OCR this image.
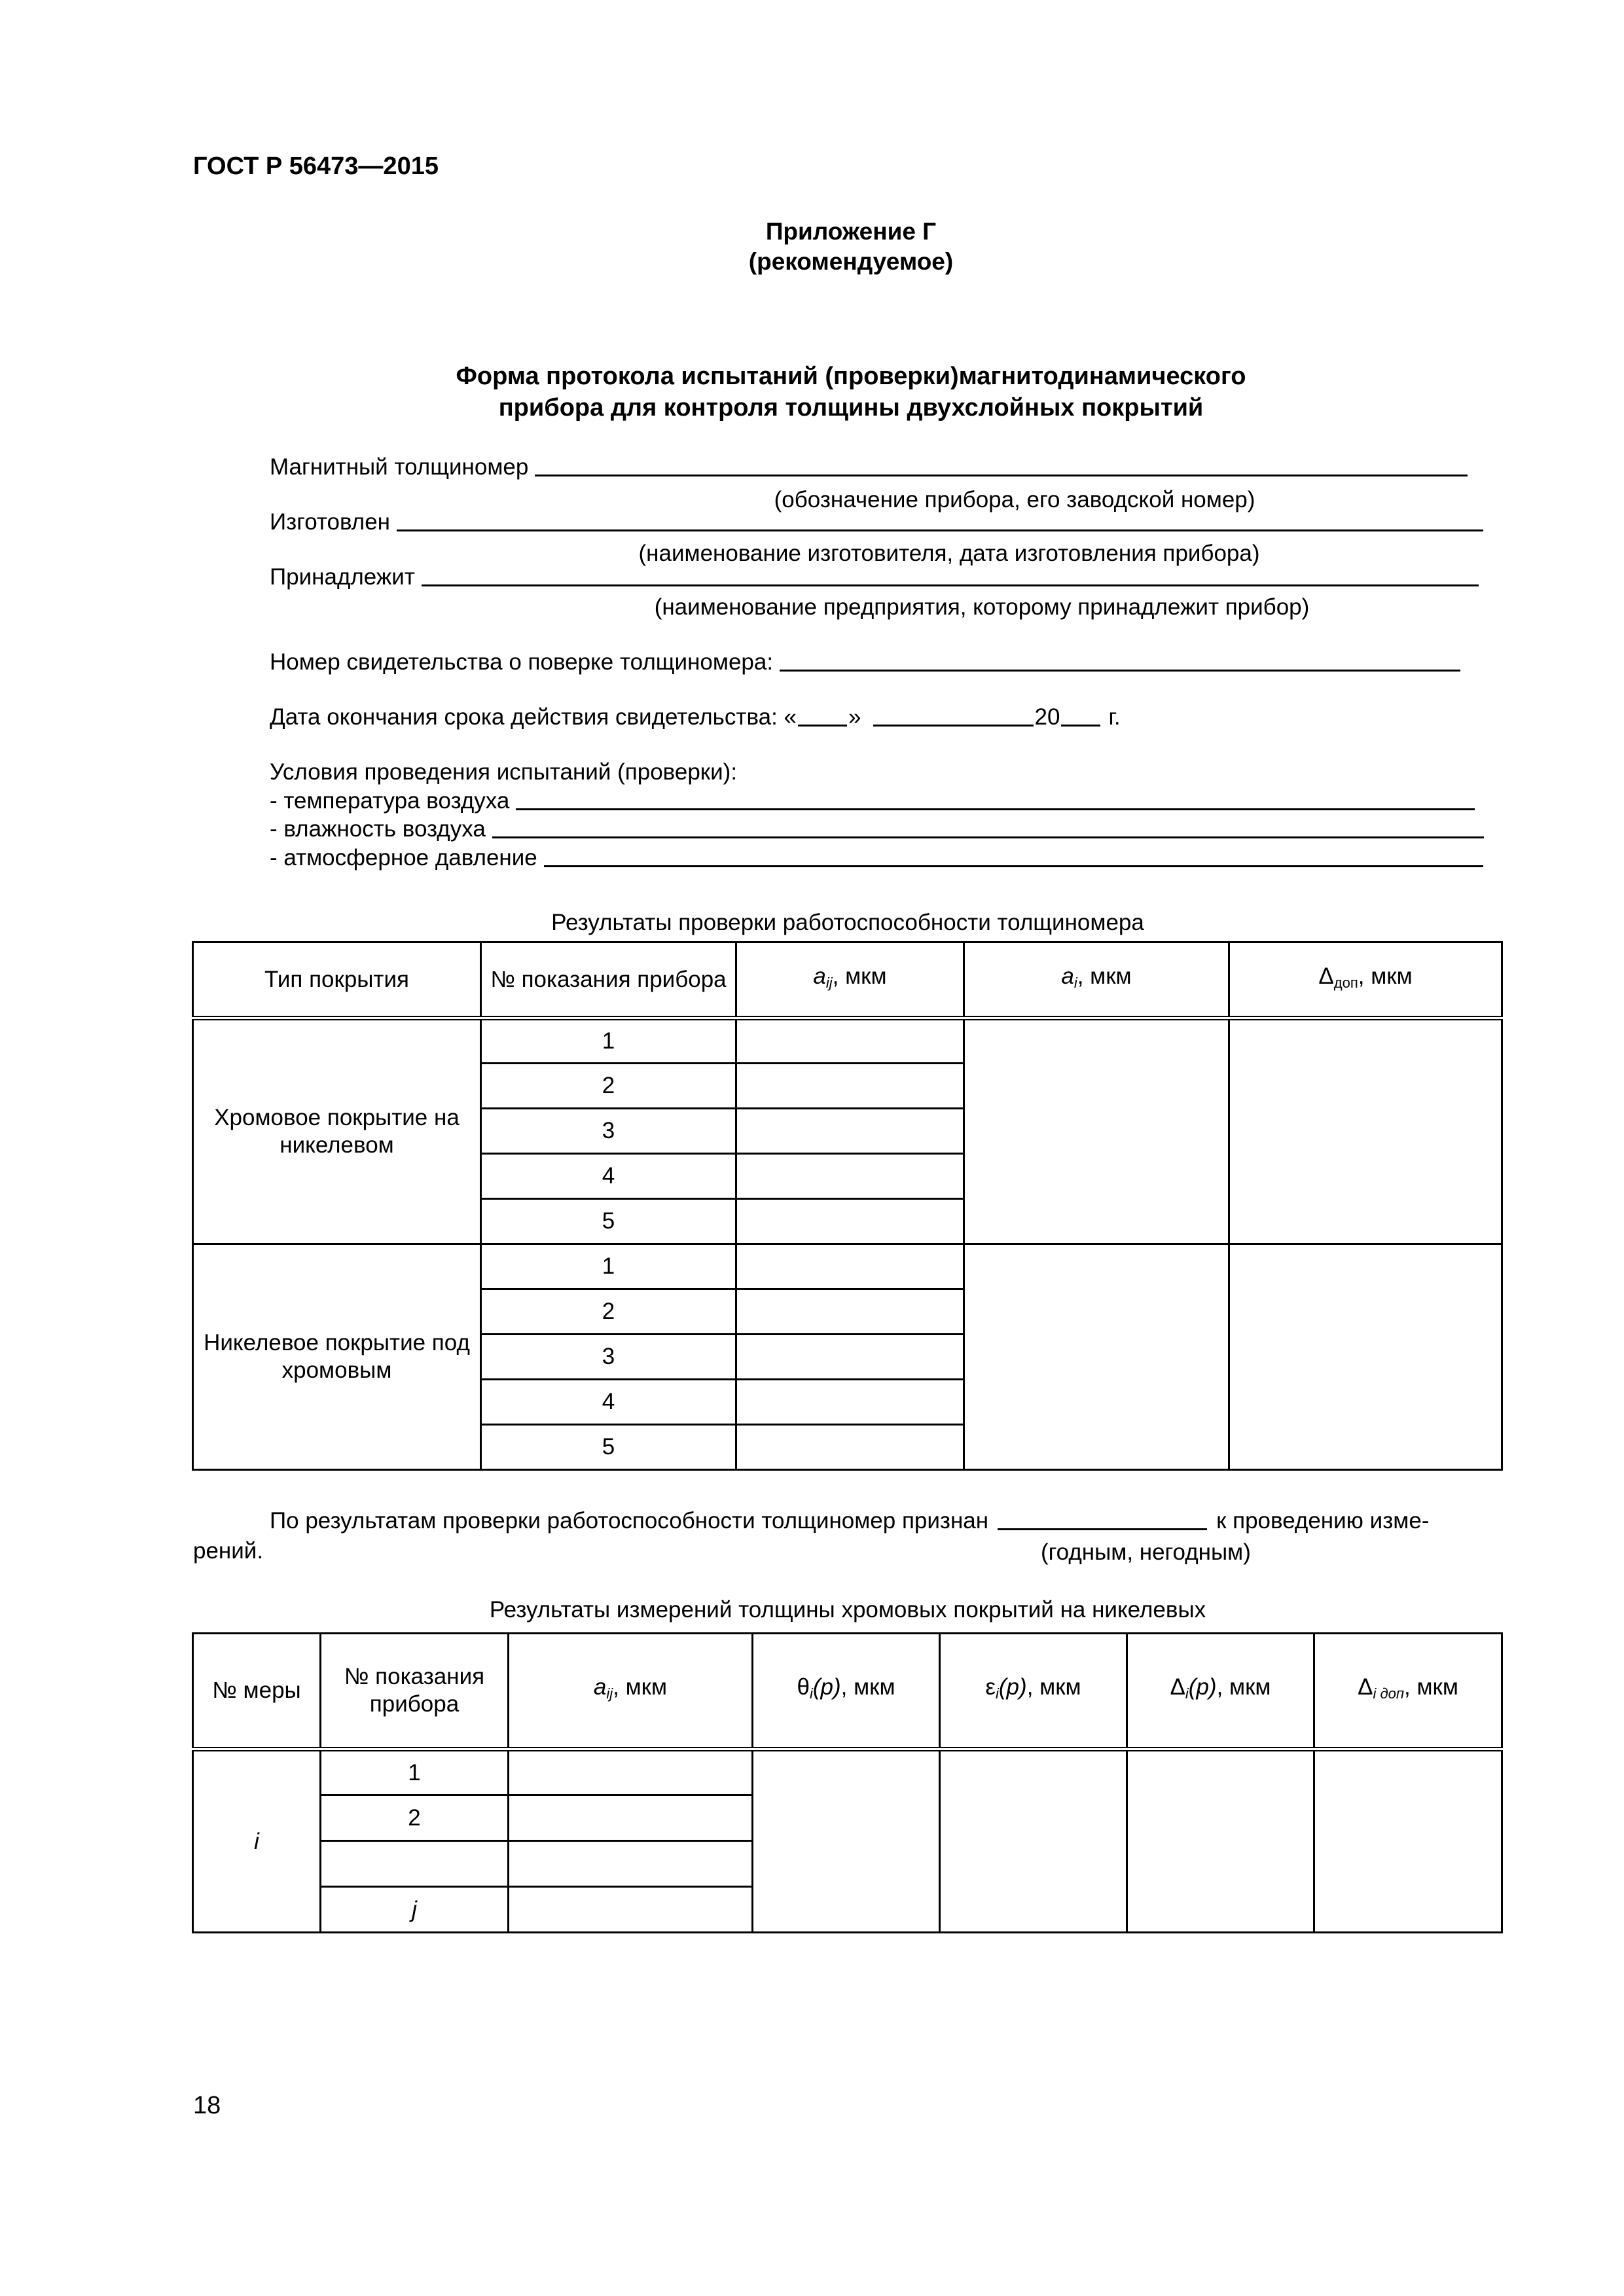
ГОСТ Р 56473—2015
Приложение Г
(рекомендуемое)
Форма протокола испытаний (проверки)магнитодинамического
прибора для контроля толщины двухслойных покрытий
Магнитный толщиномер
(обозначение прибора, его заводской номер)
Изготовлен
(наименование изготовителя, дата изготовления прибора)
Принадлежит
(наименование предприятия, которому принадлежит прибор)
Номер свидетельства о поверке толщиномера:
Дата окончания срока действия свидетельства: « »	20 г.
Условия проведения испытаний (проверки):
- температура воздуха
- влажность воздуха
- атмосферное давление
Результаты проверки работоспособности толщиномера
Тип покрытия	№ показания прибора	$a_{ij}$, мкм	$a_i$, мкм	$\Delta_{доп}$, мкм
Хромовое покрытие на никелевом	1			
	2			
	3			
	4			
	5			
Никелевое покрытие под хромовым	1			
	2			
	3			
	4			
	5			
По результатам проверки работоспособности толщиномер признан	к проведению изме-
рений.	(годным, негодным)
Результаты измерений толщины хромовых покрытий на никелевых
№ меры	№ показания прибора	$a_{ij}$, мкм	$\theta_i(p)$, мкм	$\varepsilon_i(p)$, мкм	$\Delta_i(p)$, мкм	$\Delta_{i доп}$, мкм
i	1					
	2					

	j					
18
